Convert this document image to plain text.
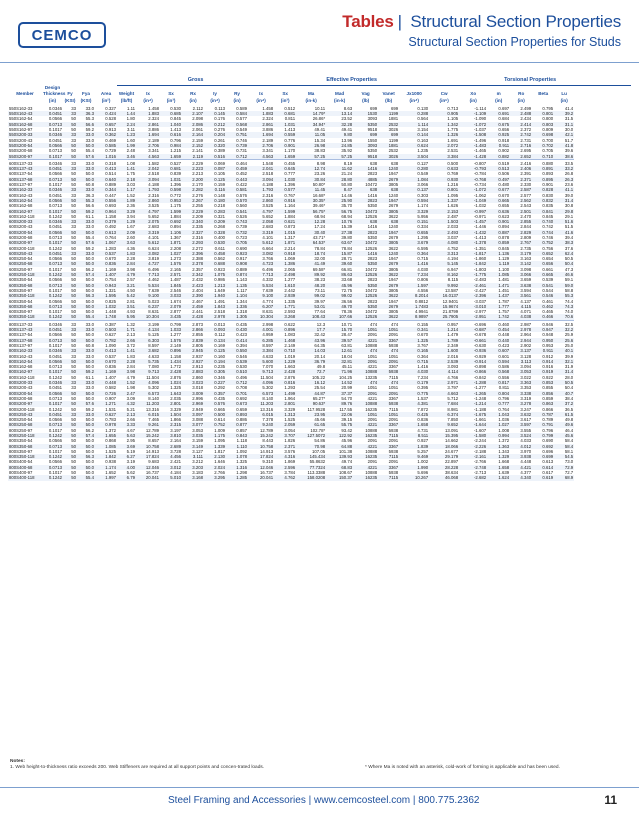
CEMCO
Tables | Structural Section Properties
Structural Section Properties for Studs
					Gross							Effective Properties						Torsional Properties					
Member	Design Thickness	Fy	Fya	Area	Weight	Ix	Sx	Rx	Iy	Ry	Ix	Sx	Ma	Mad	Vag	Vanet	Jx1000	Cw	Xo	m	Ro	Beta	Lu
	(in)	(KSI)	(KSI)	(in²)	(lb/ft)	(in⁴)	(in³)	(in)	(in⁴)	(in)	(in⁴)	(in³)	(in-k)	(in-k)	(lb)	(lb)	(in⁴)	(in⁶)	(in)	(in)	(in)		(in)
550S162-33	0.0346	33	33.0	0.327	1.11	1.458	0.530	2.112	0.113	0.589	1.458	0.512	10.11	8.63	699	699	0.130	0.713	-1.114	0.697	2.499	0.795	41.4
550S162-43	0.0451	33	36.3	0.424	1.44	1.883	0.685	2.107	0.145	0.584	1.883	0.681	14.79*	13.14	1530	1199	0.288	0.905	-1.109	0.691	2.488	0.801	39.2
550S162-54	0.0566	50	55.3	0.528	1.80	2.324	0.845	2.098	0.176	0.577	2.324	0.811	26.86*	23.52	3093	1881	0.564	1.105	-1.090	0.684	2.434	0.800	31.5
550S162-68	0.0713	50	56.6	0.657	2.24	2.861	1.040	2.086	0.212	0.568	2.861	1.031	34.94*	32.28	5350	2532	1.114	1.342	-1.072	0.675	2.414	0.803	31.1
550S162-97	0.1017	50	59.2	0.913	3.11	3.886	1.413	2.061	0.276	0.549	3.886	1.413	49.41	49.41	9518	3026	3.154	1.775	-1.037	0.656	2.372	0.809	30.0
550S200-33	0.0346	33	33.0	0.362	1.23	1.694	0.616	2.164	0.204	0.751	1.694	0.559	11.05	9.80	699	699	0.144	1.326	-1.508	0.925	2.742	0.698	42.1
550S200-43	0.0451	33	33.0	0.469	1.60	2.189	0.796	2.159	0.261	0.746	2.189	0.776	15.34	13.96	1550	1199	0.163	1.691	-1.496	0.918	2.731	0.700	51.7
550S200-54	0.0566	50	50.0	0.585	1.99	2.706	0.984	2.152	0.320	0.739	2.706	0.901	26.98	24.85	3093	1881	0.624	2.072	-1.483	0.911	2.716	0.702	41.8
550S200-68	0.0713	50	55.4	0.729	2.48	3.341	1.215	2.141	0.389	0.731	3.341	1.170	38.83	35.92	5350	2532	1.235	2.531	-1.465	0.902	2.695	0.705	39.6
550S200-97	0.1017	50	57.6	1.016	3.46	4.563	1.659	2.119	0.516	0.712	4.563	1.659	57.25	57.25	9518	3026	3.504	3.384	-1.428	0.882	2.652	0.710	38.6
600S137-33	0.0346	33	33.0	0.318	1.08	1.582	0.527	2.229	0.069	0.464	1.548	0.455	8.98	8.19	638	638	0.127	0.500	-0.807	0.519	2.416	0.880	33.5
600S137-43	0.0451	33	33.0	0.413	1.41	2.042	0.681	2.223	0.087	0.459	2.041	0.645	12.74	11.62	1416	1240	0.280	0.633	-0.793	0.513	2.406	0.891	33.2
600S137-54	0.0566	50	50.0	0.514	1.75	2.518	0.839	2.213	0.105	0.452	2.518	0.777	23.26	21.24	2823	1947	0.549	0.769	-0.784	0.506	2.391	0.893	26.8
600S137-68	0.0713	50	50.0	0.640	2.18	3.094	1.031	2.200	0.125	0.443	3.094	1.030	30.84	28.80	4885	2679	1.084	0.930	-0.768	0.497	2.371	0.895	26.3
600S137-97	0.1017	50	60.8	0.889	3.03	4.188	1.396	2.170	0.159	0.422	4.188	1.396	50.80*	50.80	10472	3805	3.066	1.216	-0.734	0.480	2.330	0.901	23.6
600S162-33	0.0346	33	33.0	0.344	1.17	1.793	0.598	2.282	0.116	0.581	1.793	0.577	11.45	8.47	638	638	0.137	0.801	-1.072	0.677	2.587	0.828	41.1
600S162-43	0.0451	33	36.3	0.447	1.52	2.316	0.772	2.276	0.148	0.576	2.316	0.767	16.68*	14.46	1416	1240	0.303	1.095	-1.062	0.670	2.577	0.830	39.0
600S162-54	0.0566	50	55.3	0.556	1.89	2.860	0.953	2.267	0.180	0.570	2.860	0.916	30.35*	25.90	2823	1947	0.594	1.337	-1.049	0.665	2.562	0.832	31.4
600S162-68	0.0713	50	56.6	0.693	2.36	3.525	1.175	2.255	0.218	0.560	3.525	1.164	39.46*	35.70	5350	2679	1.174	1.626	-1.032	0.655	2.543	0.835	30.8
600S162-97	0.1017	50	59.2	0.964	3.29	4.797	1.599	2.229	0.283	0.541	4.797	1.599	56.75*	56.75	10473	3805	3.329	2.153	-0.997	0.636	2.501	0.841	29.8
600S162-118	0.1242	50	61.1	1.158	3.94	5.652	1.884	2.209	0.321	0.526	5.652	1.884	68.94	68.94	12526	3622	5.956	2.487	-0.971	0.623	2.470	0.845	29.1
600S200-33	0.0346	33	33.0	0.379	1.29	2.075	0.692	2.340	0.209	0.743	2.058	0.621	12.28	10.76	638	638	0.151	1.503	-1.457	0.901	2.855	0.740	51.6
600S200-43	0.0451	33	33.0	0.492	1.67	2.683	0.894	2.335	0.268	0.739	2.683	0.873	17.24	15.39	1416	1240	0.334	2.033	-1.446	0.894	2.844	0.742	51.5
600S200-54	0.0566	50	50.0	0.613	2.09	3.319	1.106	2.327	0.328	0.732	3.319	1.015	30.40	27.38	2823	1947	0.655	2.493	-1.432	0.887	2.829	0.744	41.6
600S200-68	0.0713	50	55.4	0.764	2.60	4.101	1.367	2.316	0.400	0.723	4.101	1.317	43.71*	39.80	5350	2679	1.295	3.037	-1.413	0.878	2.809	0.746	39.4
600S200-97	0.1017	50	57.6	1.067	3.63	5.612	1.871	2.293	0.530	0.705	5.612	1.871	64.53*	63.67	10472	3805	3.679	4.080	-1.378	0.859	2.767	0.752	38.3
600S200-118	0.1242	50	59.2	1.283	4.36	6.624	2.208	2.272	0.611	0.690	6.664	2.214	78.84	78.84	12526	3622	6.595	4.752	-1.351	0.845	2.735	0.756	37.6
600S250-43	0.0451	33	33.0	0.537	1.83	3.082	1.027	2.396	0.458	0.923	3.082	0.918	18.74	15.87	1416	1240	0.364	3.313	-1.817	1.136	3.179	0.652	62.4
600S250-54	0.0566	50	50.0	0.670	2.28	3.819	1.273	2.388	0.562	0.917	3.766	1.069	32.00	28.71	2823	1947	0.715	4.194	-1.860	1.129	3.163	0.654	50.5
600S250-68	0.0713	50	50.0	0.836	2.84	4.727	1.576	2.378	0.688	0.908	4.723	1.386	41.49	39.60	5350	2679	1.416	5.145	-1.842	1.119	3.142	0.656	50.4
600S250-97	0.1017	50	56.2	1.169	3.98	6.496	2.165	2.357	0.923	0.889	6.496	2.065	69.58*	66.81	10472	3805	4.030	6.947	-1.803	1.100	3.098	0.661	47.3
600S250-118	0.1242	50	57.4	1.407	4.79	7.713	2.571	2.342	1.075	0.874	7.713	2.498	89.92	86.63	12526	3622	7.234	8.162	-1.775	1.085	3.066	0.665	46.6
600S350-54	0.0566	50	50.0	0.754	2.57	4.462	1.487	2.432	0.986	1.143	4.332	1.277	38.23	33.68	2823	1947	0.806	8.115	-2.483	1.481	3.659	0.539	59.1
600S350-68	0.0713	50	50.0	0.943	3.21	5.534	1.845	2.423	1.213	1.135	5.534	1.610	48.20	45.96	5350	2679	1.597	9.992	-2.461	1.471	3.638	0.541	59.0
600S350-97	0.1017	50	50.0	1.321	4.50	7.639	2.546	2.404	1.649	1.117	7.639	2.442	73.11	72.75	10472	3805	4.556	13.587	-2.427	1.451	3.594	0.544	58.8
600S350-118	0.1242	50	56.3	1.595	5.42	9.100	3.033	2.390	1.940	1.104	9.100	2.939	99.02	99.02	12526	3622	8.2014	16.0137	-2.396	1.437	3.561	0.546	55.3
600S350-54	0.0566	50	50.0	0.825	2.81	5.023	1.674	2.467	1.491	1.344	4.774	1.335	39.97	36.56	2823	1947	0.8812	12.9401	-3.037	1.787	4.137	0.461	74.4
600S350-68	0.0713	50	50.0	1.032	3.51	6.237	2.079	2.459	1.843	1.336	6.207	1.771	53.01	49.70	5350	2679	1.7483	15.9674	-3.010	1.777	4.115	0.462	74.3
600S350-97	0.1017	50	50.0	1.448	4.93	8.631	2.877	2.441	2.518	1.318	8.631	2.593	77.64	78.36	10472	3805	4.9941	21.8799	-2.977	1.757	4.071	0.465	74.0
600S350-118	0.1242	50	55.4	1.748	5.95	10.304	3.435	2.428	2.978	1.305	10.304	3.268	108.43	107.66	12526	3622	8.9897	25.7905	-2.951	1.742	4.038	0.466	70.6
800S137-33	0.0346	33	33.0	0.387	1.32	3.199	0.799	2.873	0.013	0.435	2.998	0.622	12.3	10.71	474	474	0.155	0.957	-0.696	0.460	2.987	0.946	32.5
800S137-43	0.0451	33	33.0	0.503	1.71	4.134	1.033	2.866	0.093	0.430	4.001	0.896	17.7	15.70	1051	1051	0.341	1.214	-0.687	0.454	2.978	0.947	32.2
800S137-54	0.0566	50	50.0	0.627	2.13	5.125	1.277	2.855	0.112	0.423	4.959	1.083	32.42	28.47	2091	2091	0.670	1.479	-0.678	0.448	2.964	0.948	25.9
800S137-68	0.0713	50	50.0	0.782	2.66	6.303	1.576	2.839	0.134	0.414	6.285	1.468	43.96	39.57	4221	3367	1.325	1.789	-0.661	0.440	2.944	0.950	25.6
800S137-97	0.1017	50	60.8	1.090	3.72	8.597	2.149	2.805	0.169	0.394	8.597	2.149	64.35	63.81	10888	5938	3.767	2.349	-0.630	0.423	2.902	0.953	25.0
800S162-33	0.0346	33	33.0	0.413	1.41	3.682	0.896	2.945	0.125	0.550	3.384	0.710	14.03	12.61	474	474	0.165	1.600	-0.936	0.607	3.137	0.911	40.1
800S162-43	0.0451	33	33.0	0.537	1.83	4.633	1.158	2.937	0.160	0.546	4.633	1.019	20.14	18.04	1051	1051	0.364	2.016	-0.929	0.601	3.128	0.912	39.9
800S162-54	0.0566	50	50.0	0.670	2.28	5.735	1.434	2.927	0.194	0.539	5.600	1.229	36.79	32.81	2091	2091	0.715	2.539	-0.914	0.594	3.113	0.914	32.1
800S162-68	0.0713	50	50.0	0.836	2.84	7.080	1.772	2.913	0.235	0.530	7.070	1.663	49.8	45.11	4221	3367	1.416	3.093	-0.898	0.586	3.094	0.916	31.9
800S162-97	0.1017	50	59.2	1.169	3.98	9.713	2.428	2.883	0.305	0.510	9.713	2.428	72.7	71.96	10888	5938	4.030	4.114	-0.866	0.568	3.053	0.919	31.4
800S162-118	0.1242	50	61.1	1.407	4.79	11.504	2.876	2.860	0.346	0.496	11.504	2.876	105.22	104.25	13235	7115	7.234	4.766	-0.842	0.556	3.022	0.922	28.0
800S200-33	0.0346	33	33.0	0.448	1.52	4.096	1.024	3.023	0.227	0.712	4.096	0.816	16.12	14.52	474	474	0.179	2.971	-1.288	0.817	3.363	0.853	50.5
800S200-43	0.0451	33	33.0	0.582	1.98	5.302	1.325	3.018	0.292	0.708	5.302	1.293	25.54	20.99	1051	1051	0.395	3.797	-1.277	0.811	3.353	0.855	50.4
800S200-54	0.0566	50	50.0	0.726	2.47	6.573	1.643	3.009	0.357	0.701	6.573	1.499	44.87	37.37	2091	2091	0.775	4.663	-1.265	0.804	3.338	0.856	40.7
800S200-68	0.0713	50	50.0	0.907	3.09	8.140	2.035	2.996	0.435	0.692	8.140	1.964	65.27*	54.70	4221	3367	1.537	5.712	-1.248	0.796	3.319	0.859	38.4
800S200-97	0.1017	50	57.6	1.271	4.32	11.203	2.801	2.969	0.576	0.673	11.203	2.801	90.63*	89.76	10888	5938	4.381	7.684	-1.214	0.777	3.278	0.863	37.2
800S200-118	0.1242	50	59.2	1.531	5.21	13.316	3.329	2.949	0.665	0.659	13.316	3.329	117.9528	117.55	16235	7115	7.872	8.981	-1.188	0.764	3.247	0.866	36.5
800S250-43	0.0451	33	33.0	0.627	2.13	6.015	1.504	3.097	0.500	0.893	6.015	1.313	23.95	22.06	1051	1051	0.425	6.374	-1.675	1.043	3.632	0.787	61.5
800S250-54	0.0566	50	50.0	0.783	2.66	7.465	1.866	3.088	0.614	0.886	7.378	1.525	45.66	39.15	2091	2091	0.836	7.850	-1.661	1.036	3.617	0.789	49.8
800S250-68	0.0713	50	50.0	0.978	3.33	9.261	2.315	3.077	0.752	0.877	9.240	2.059	61.65	55.75	4221	3367	1.658	9.652	-1.644	1.027	3.597	0.791	49.6
800S250-97	0.1017	50	56.2	1.372	4.67	12.789	3.197	3.053	1.009	0.857	12.789	3.054	102.78*	93.42	10888	5938	4.731	13.091	-1.607	1.008	3.555	0.796	46.4
800S250-118	0.1242	50	57.4	1.655	5.63	15.242	3.810	3.035	1.175	0.843	15.242	3.707	127.5072	122.92	16235	7115	8.511	15.395	-1.580	0.994	3.524	0.799	45.6
800S350-54	0.0566	50	50.0	0.868	2.95	8.657	2.164	3.159	1.095	1.118	8.443	1.826	54.86	45.96	2091	2091	0.927	14.662	-2.244	1.372	4.033	0.690	58.4
800S350-68	0.0713	50	50.0	1.085	3.69	10.758	2.689	3.149	1.339	1.110	10.758	2.371	70.98	64.88	4221	3367	1.839	18.066	-2.226	1.363	4.012	0.692	58.4
800S350-97	0.1017	50	50.0	1.525	5.19	14.913	3.728	3.127	1.817	1.092	14.913	3.576	107.05	101.38	10888	5938	5.257	24.677	-2.188	1.343	3.970	0.696	58.1
800S350-118	0.1242	50	56.3	1.842	6.27	17.824	4.456	3.111	2.130	1.078	17.824	4.316	145.434	139.93	16235	7115	9.469	29.179	-2.161	1.329	3.938	0.699	54.5
800S400-54	0.0566	50	50.0	0.938	3.19	9.683	2.421	3.212	1.646	1.325	9.310	1.869	55.8632	49.74	2091	2091	1.002	22.897	-2.766	1.668	4.448	0.613	73.0
800S400-68	0.0713	50	50.0	1.174	4.00	12.046	3.012	3.203	2.024	1.316	12.046	2.596	77.7324	68.83	4221	3367	1.990	28.228	-2.748	1.658	4.421	0.614	72.9
800S400-97	0.1017	50	50.0	1.652	5.62	16.737	4.184	3.183	2.766	1.298	16.737	3.784	113.3388	108.67	10888	5938	5.696	38.634	-2.713	1.639	4.377	0.617	72.7
800S400-118	0.1242	50	55.4	1.997	6.79	20.041	5.010	3.168	3.295	1.285	20.041	4.762	158.0208	150.37	16235	7115	10.267	46.068	-2.682	1.624	4.340	0.619	68.9
Notes:
1. Web height-to-thickness ratio exceeds 200. Web Stiffeners are required at all support points and concen-trated loads.	* Where Ma is noted with an asterisk, cold-work of forming is applicable and has been used.
Steel Framing and Accessories | www.cemcosteel.com | 800.775.2362	11
